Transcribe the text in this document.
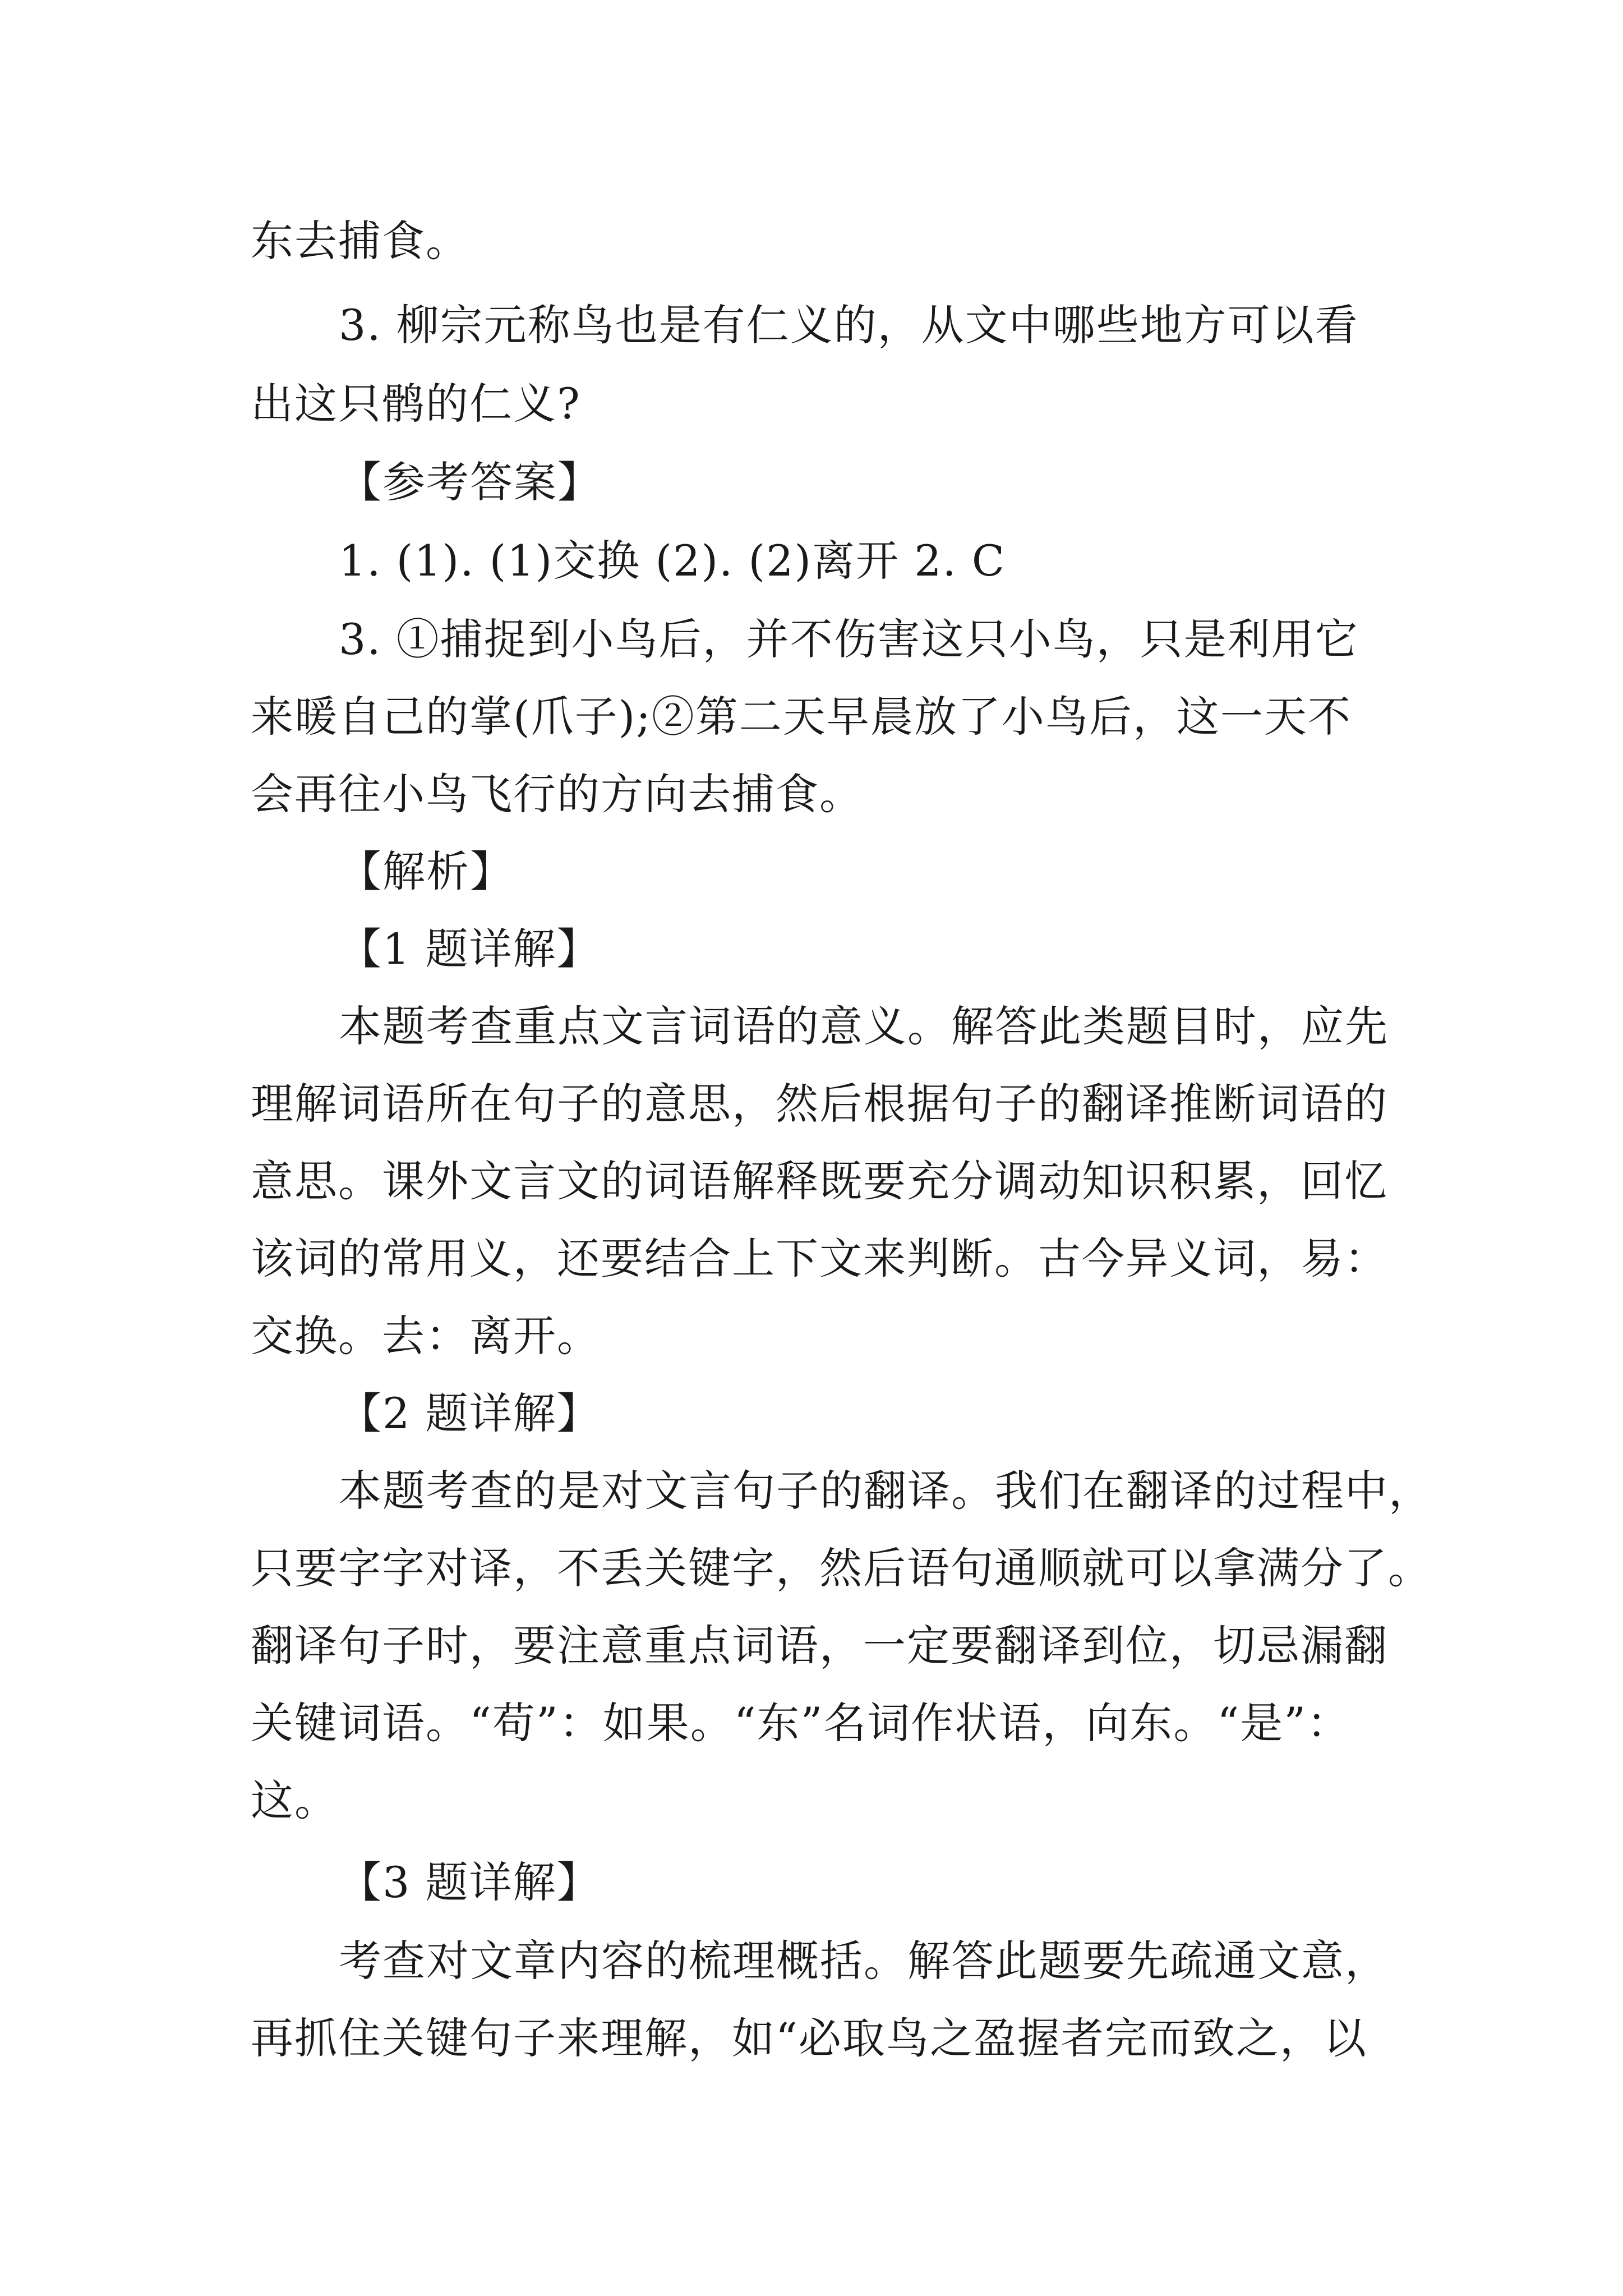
东去捕食。
3. 柳宗元称鸟也是有仁义的，从文中哪些地方可以看
出这只鹘的仁义?
【参考答案】
1. (1). (1)交换 (2). (2)离开 2. C
3. ①捕捉到小鸟后，并不伤害这只小鸟，只是利用它
来暖自己的掌(爪子);②第二天早晨放了小鸟后，这一天不
会再往小鸟飞行的方向去捕食。
【解析】
【1 题详解】
本题考查重点文言词语的意义。解答此类题目时，应先
理解词语所在句子的意思，然后根据句子的翻译推断词语的
意思。课外文言文的词语解释既要充分调动知识积累，回忆
该词的常用义，还要结合上下文来判断。古今异义词，易：
交换。去：离开。
【2 题详解】
本题考查的是对文言句子的翻译。我们在翻译的过程中，
只要字字对译，不丢关键字，然后语句通顺就可以拿满分了。
翻译句子时，要注意重点词语，一定要翻译到位，切忌漏翻
关键词语。“苟”：如果。“东”名词作状语，向东。“是”：
这。
【3 题详解】
考查对文章内容的梳理概括。解答此题要先疏通文意，
再抓住关键句子来理解，如“必取鸟之盈握者完而致之，以
